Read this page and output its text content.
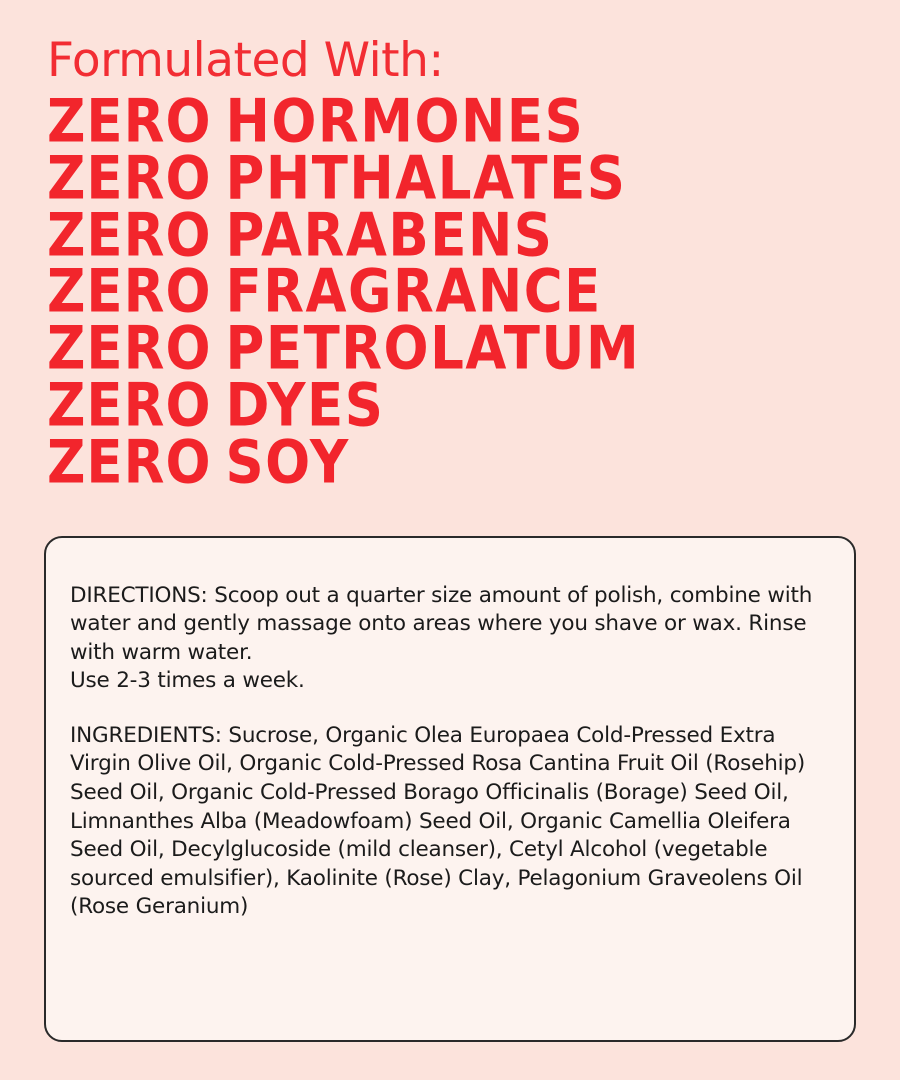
Formulated With:
ZERO HORMONES
ZERO PHTHALATES
ZERO PARABENS
ZERO FRAGRANCE
ZERO PETROLATUM
ZERO DYES
ZERO SOY

DIRECTIONS: Scoop out a quarter size amount of polish, combine with water and gently massage onto areas where you shave or wax. Rinse with warm water.
Use 2-3 times a week.

INGREDIENTS: Sucrose, Organic Olea Europaea Cold-Pressed Extra Virgin Olive Oil, Organic Cold-Pressed Rosa Cantina Fruit Oil (Rosehip) Seed Oil, Organic Cold-Pressed Borago Officinalis (Borage) Seed Oil, Limnanthes Alba (Meadowfoam) Seed Oil, Organic Camellia Oleifera Seed Oil, Decylglucoside (mild cleanser), Cetyl Alcohol (vegetable sourced emulsifier), Kaolinite (Rose) Clay, Pelagonium Graveolens Oil (Rose Geranium)
